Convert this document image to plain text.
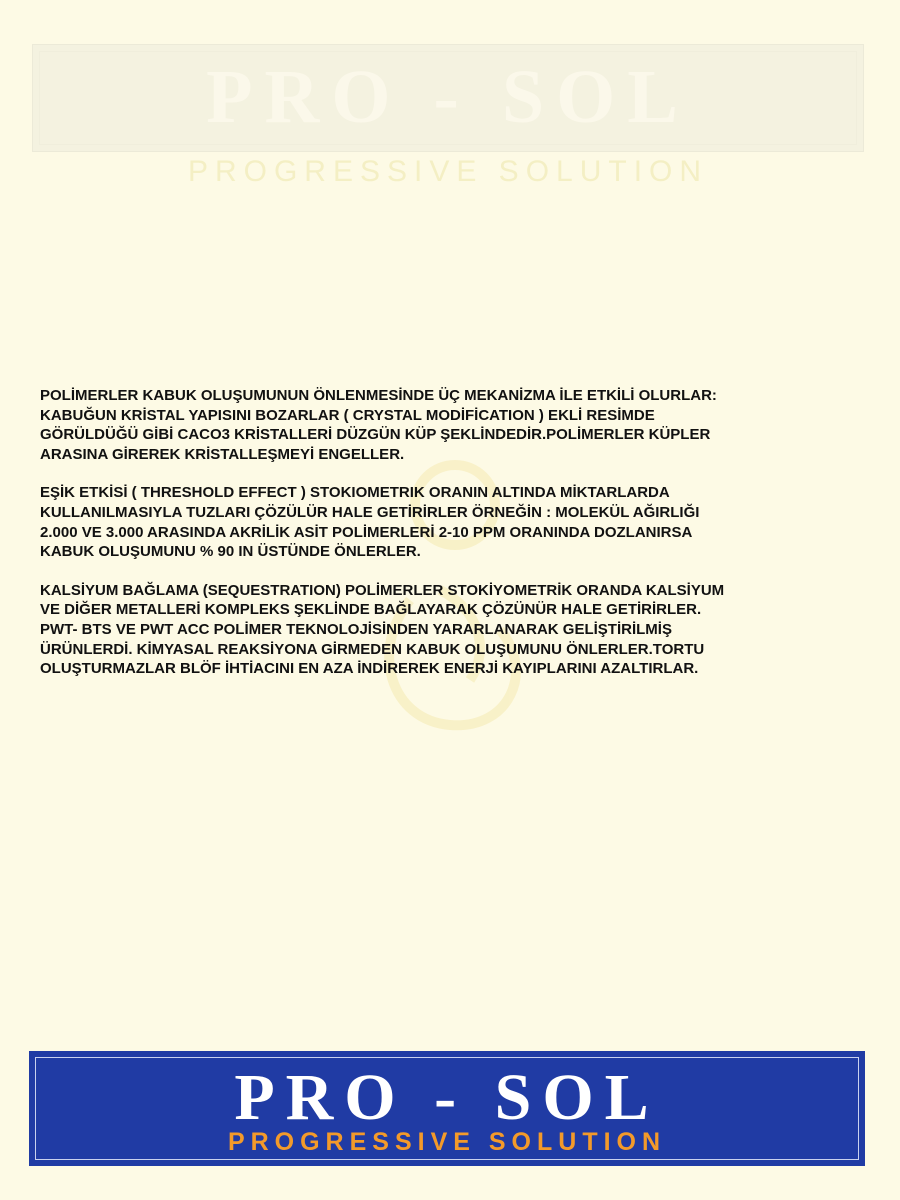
PRO - SOL
PROGRESSIVE SOLUTION

POLİMERLER KABUK OLUŞUMUNUN ÖNLENMESİNDE ÜÇ MEKANİZMA İLE ETKİLİ OLURLAR:
KABUĞUN KRİSTAL YAPISINI BOZARLAR ( CRYSTAL MODİFİCATION ) EKLİ RESİMDE
GÖRÜLDÜĞÜ GİBİ CACO3 KRİSTALLERİ DÜZGÜN KÜP ŞEKLİNDEDİR.POLİMERLER KÜPLER
ARASINA GİREREK KRİSTALLEŞMEYİ ENGELLER.

EŞİK ETKİSİ ( THRESHOLD EFFECT ) STOKIOMETRIK ORANIN ALTINDA MİKTARLARDA
KULLANILMASIYLA TUZLARI ÇÖZÜLÜR HALE GETİRİRLER ÖRNEĞİN : MOLEKÜL AĞIRLIĞI
2.000 VE 3.000 ARASINDA AKRİLİK ASİT POLİMERLERİ 2-10 PPM ORANINDA DOZLANIRSA
KABUK OLUŞUMUNU % 90 IN ÜSTÜNDE ÖNLERLER.

KALSİYUM BAĞLAMA (SEQUESTRATION) POLİMERLER STOKİYOMETRİK ORANDA KALSİYUM
VE DİĞER METALLERİ KOMPLEKS ŞEKLİNDE BAĞLAYARAK ÇÖZÜNÜR HALE GETİRİRLER.
PWT- BTS VE PWT ACC POLİMER TEKNOLOJİSİNDEN YARARLANARAK GELİŞTİRİLMİŞ
ÜRÜNLERDİ. KİMYASAL REAKSİYONA GİRMEDEN KABUK OLUŞUMUNU ÖNLERLER.TORTU
OLUŞTURMAZLAR BLÖF İHTİACINI EN AZA İNDİREREK ENERJİ KAYIPLARINI AZALTIRLAR.

PRO - SOL
PROGRESSIVE SOLUTION
